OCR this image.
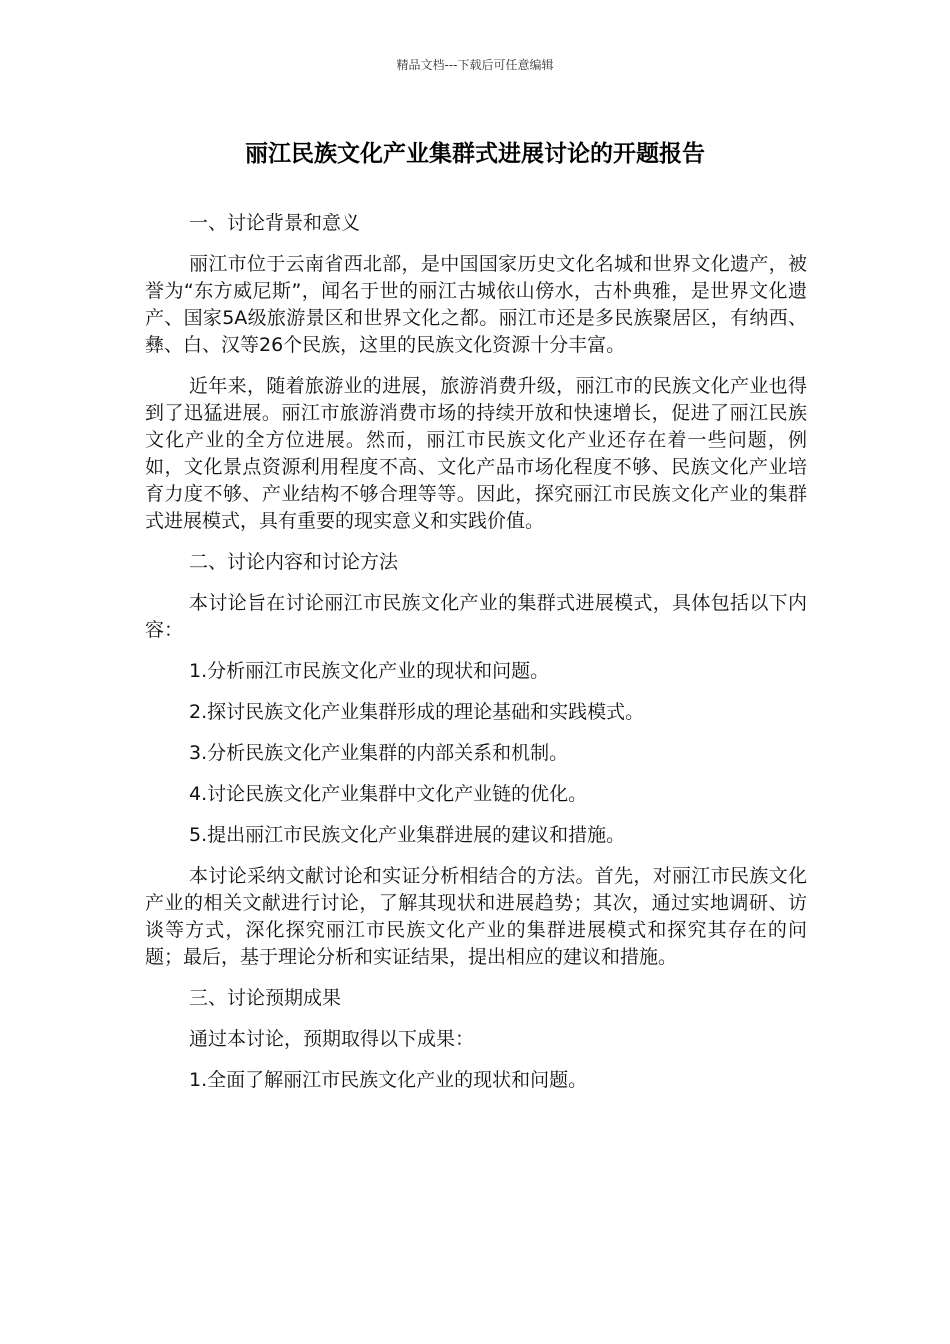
精品文档---下载后可任意编辑
丽江民族文化产业集群式进展讨论的开题报告

一、讨论背景和意义

丽江市位于云南省西北部，是中国国家历史文化名城和世界文化遗产，被誉为“东方威尼斯”，闻名于世的丽江古城依山傍水，古朴典雅，是世界文化遗产、国家5A级旅游景区和世界文化之都。丽江市还是多民族聚居区，有纳西、彝、白、汉等26个民族，这里的民族文化资源十分丰富。

近年来，随着旅游业的进展，旅游消费升级，丽江市的民族文化产业也得到了迅猛进展。丽江市旅游消费市场的持续开放和快速增长，促进了丽江民族文化产业的全方位进展。然而，丽江市民族文化产业还存在着一些问题，例如，文化景点资源利用程度不高、文化产品市场化程度不够、民族文化产业培育力度不够、产业结构不够合理等等。因此，探究丽江市民族文化产业的集群式进展模式，具有重要的现实意义和实践价值。

二、讨论内容和讨论方法

本讨论旨在讨论丽江市民族文化产业的集群式进展模式，具体包括以下内容：

1.分析丽江市民族文化产业的现状和问题。

2.探讨民族文化产业集群形成的理论基础和实践模式。

3.分析民族文化产业集群的内部关系和机制。

4.讨论民族文化产业集群中文化产业链的优化。

5.提出丽江市民族文化产业集群进展的建议和措施。

本讨论采纳文献讨论和实证分析相结合的方法。首先，对丽江市民族文化产业的相关文献进行讨论，了解其现状和进展趋势；其次，通过实地调研、访谈等方式，深化探究丽江市民族文化产业的集群进展模式和探究其存在的问题；最后，基于理论分析和实证结果，提出相应的建议和措施。

三、讨论预期成果

通过本讨论，预期取得以下成果：

1.全面了解丽江市民族文化产业的现状和问题。
